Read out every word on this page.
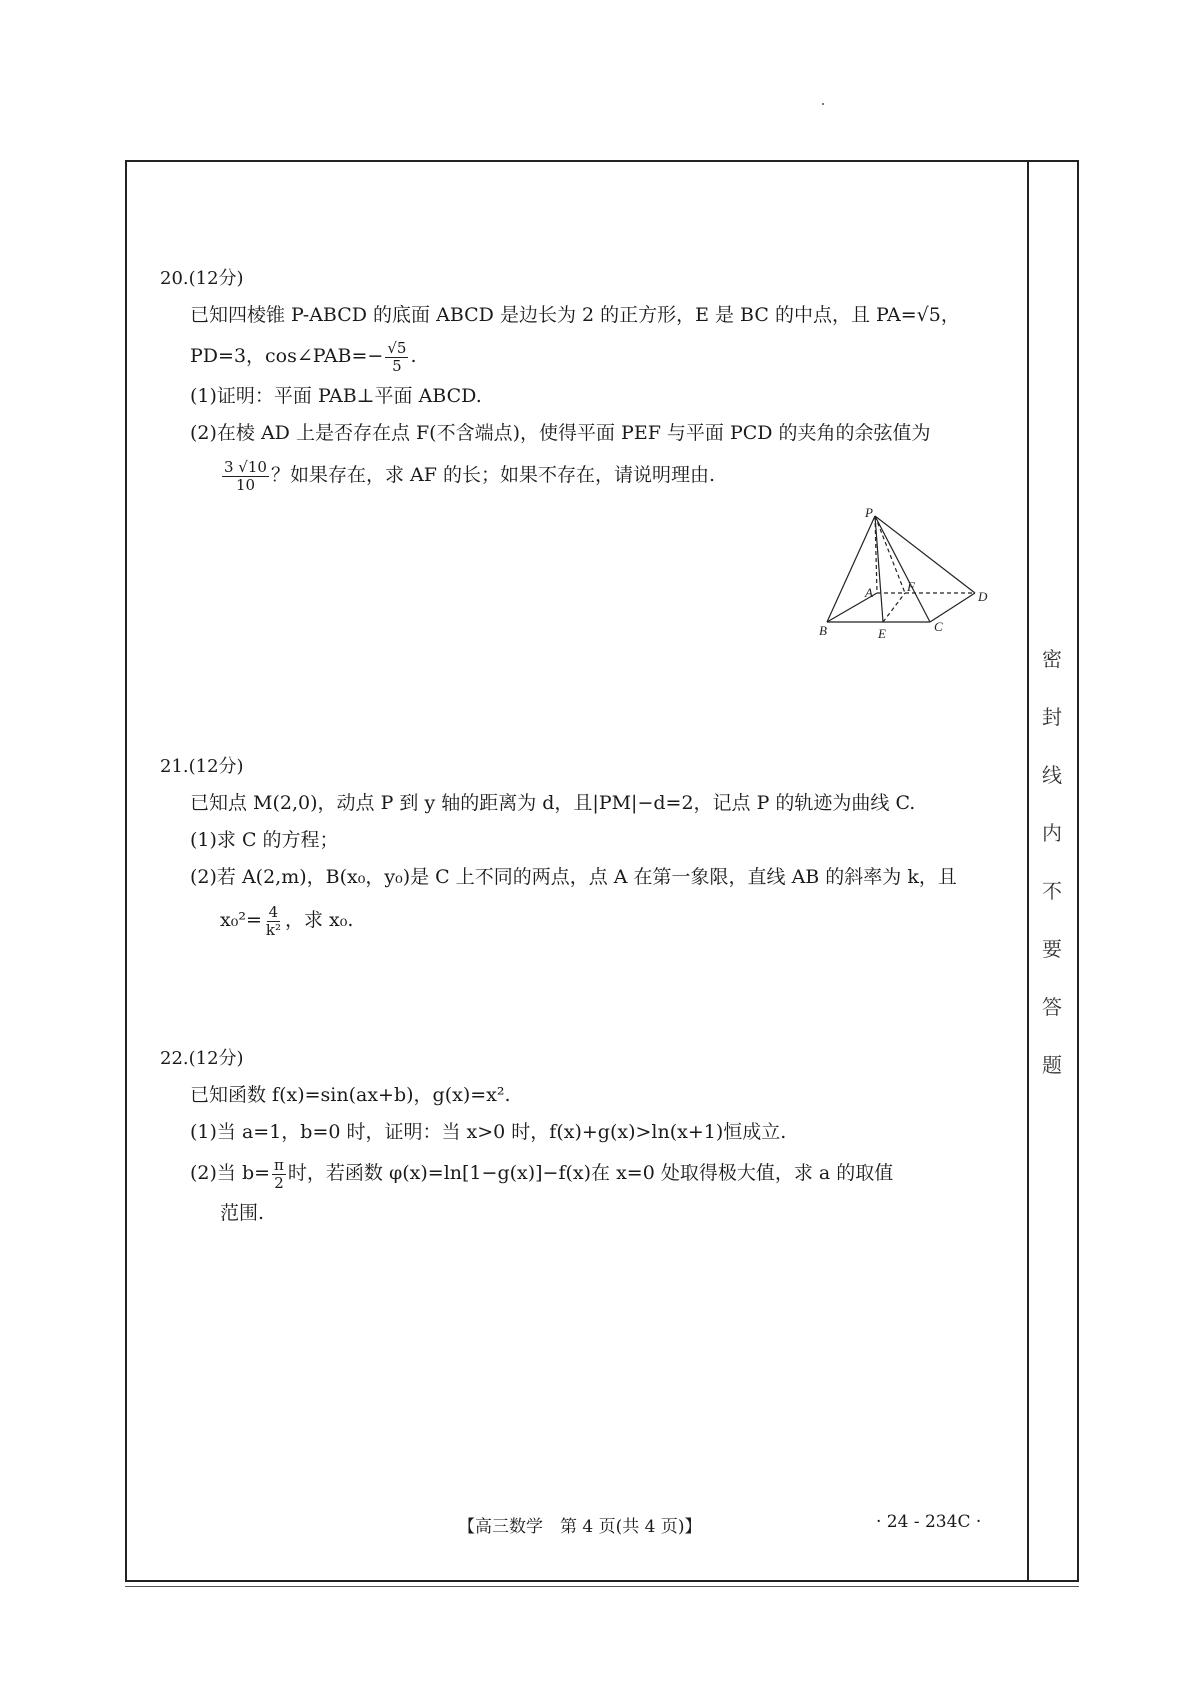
密
封
线
内
不
要
答
题
20.(12分)
已知四棱锥 P-ABCD 的底面 ABCD 是边长为 2 的正方形，E 是 BC 的中点，且 PA=√5，
PD=3，cos∠PAB=− $\frac{√5}{5}$ .
(1)证明：平面 PAB⊥平面 ABCD.
(2)在棱 AD 上是否存在点 F(不含端点)，使得平面 PEF 与平面 PCD 的夹角的余弦值为
$\frac{3 √10}{10}$ ？如果存在，求 AF 的长；如果不存在，请说明理由.
P
A	F
D
B	E	C
21.(12分)
已知点 M(2,0)，动点 P 到 y 轴的距离为 d，且|PM|−d=2，记点 P 的轨迹为曲线 C.
(1)求 C 的方程；
(2)若 A(2,m)，B(x₀，y₀)是 C 上不同的两点，点 A 在第一象限，直线 AB 的斜率为 k，且
$x_0^2= \frac{4}{\text{k²}}$ ，求 x₀.
22.(12分)
已知函数 f(x)=sin(ax+b)，g(x)=x².
(1)当 a=1，b=0 时，证明：当 x>0 时，f(x)+g(x)>ln(x+1)恒成立.
(2)当 $b= \frac{\pi}{2}$ 时，若函数 φ(x)=ln[1−g(x)]−f(x)在 x=0 处取得极大值，求 a 的取值
范围.
【高三数学　第 4 页(共 4 页)】	· 24 - 234C ·
